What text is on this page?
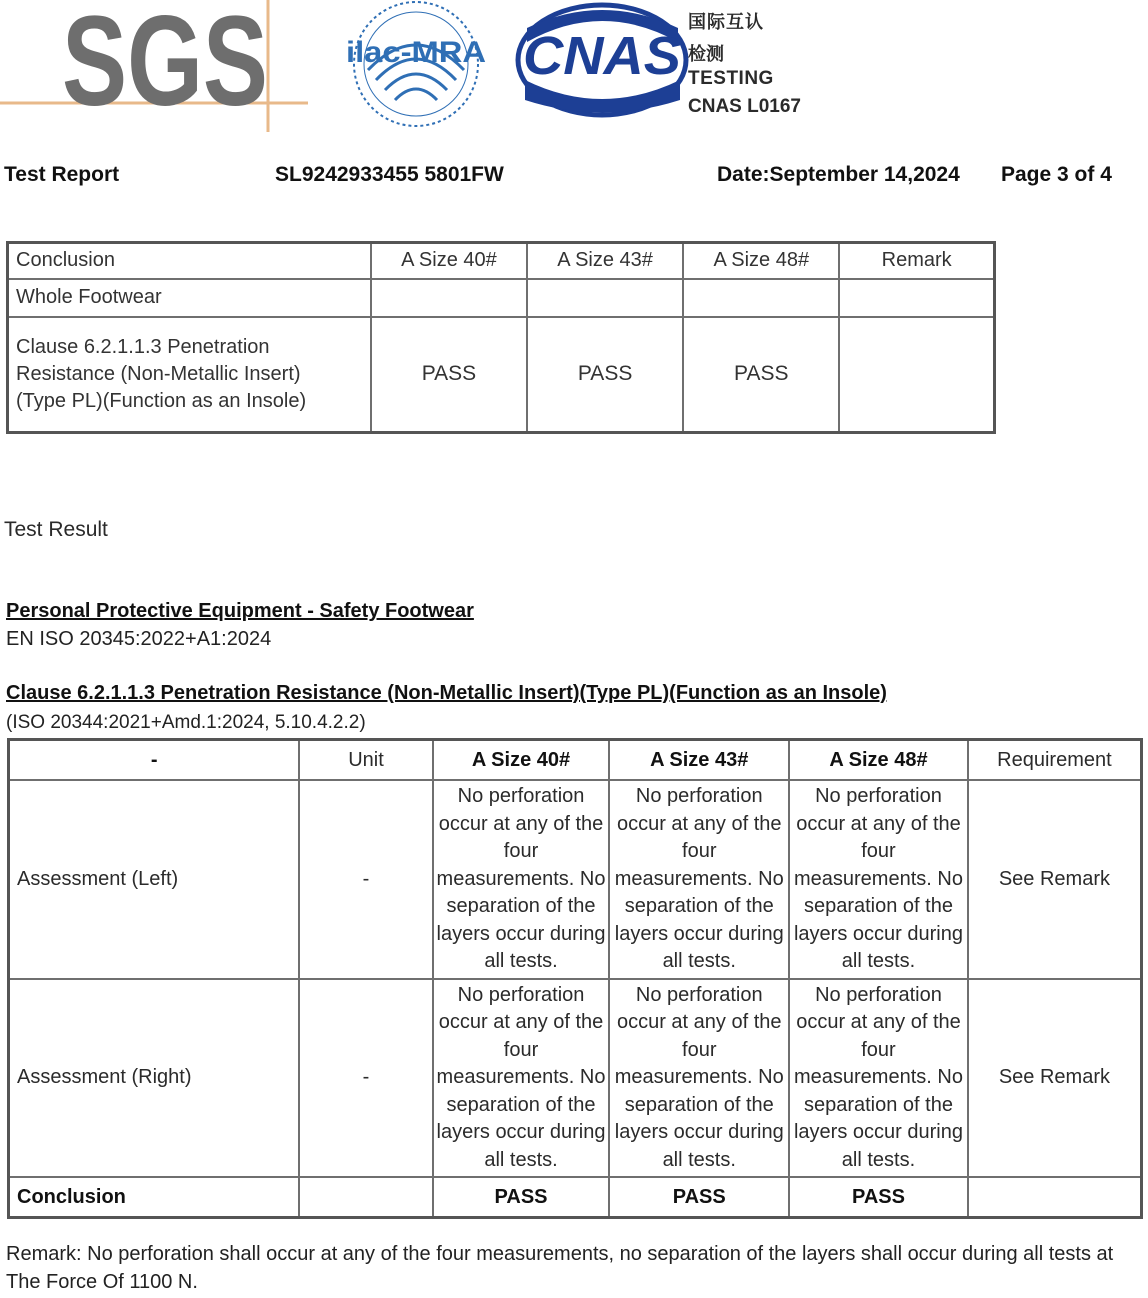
SGS	ilac-MRA CNAS
国际互认
检测
TESTING
CNAS L0167
Test Report	SL9242933455 5801FW	Date:September 14,2024 Page 3 of 4
Conclusion	A Size 40#	A Size 43#	A Size 48#	Remark
Whole Footwear				
Clause 6.2.1.1.3 Penetration Resistance (Non-Metallic Insert)(Type PL)(Function as an Insole)	PASS	PASS	PASS	
Test Result
Personal Protective Equipment - Safety Footwear
EN ISO 20345:2022+A1:2024
Clause 6.2.1.1.3 Penetration Resistance (Non-Metallic Insert)(Type PL)(Function as an Insole)
(ISO 20344:2021+Amd.1:2024, 5.10.4.2.2)
-	Unit	A Size 40#	A Size 43#	A Size 48#	Requirement
Assessment (Left)	-	No perforation occur at any of the four measurements. No separation of the layers occur during all tests.	No perforation occur at any of the four measurements. No separation of the layers occur during all tests.	No perforation occur at any of the four measurements. No separation of the layers occur during all tests.	See Remark
Assessment (Right)	-	No perforation occur at any of the four measurements. No separation of the layers occur during all tests.	No perforation occur at any of the four measurements. No separation of the layers occur during all tests.	No perforation occur at any of the four measurements. No separation of the layers occur during all tests.	See Remark
Conclusion		PASS	PASS	PASS	
Remark: No perforation shall occur at any of the four measurements, no separation of the layers shall occur during all tests at The Force Of 1100 N.
